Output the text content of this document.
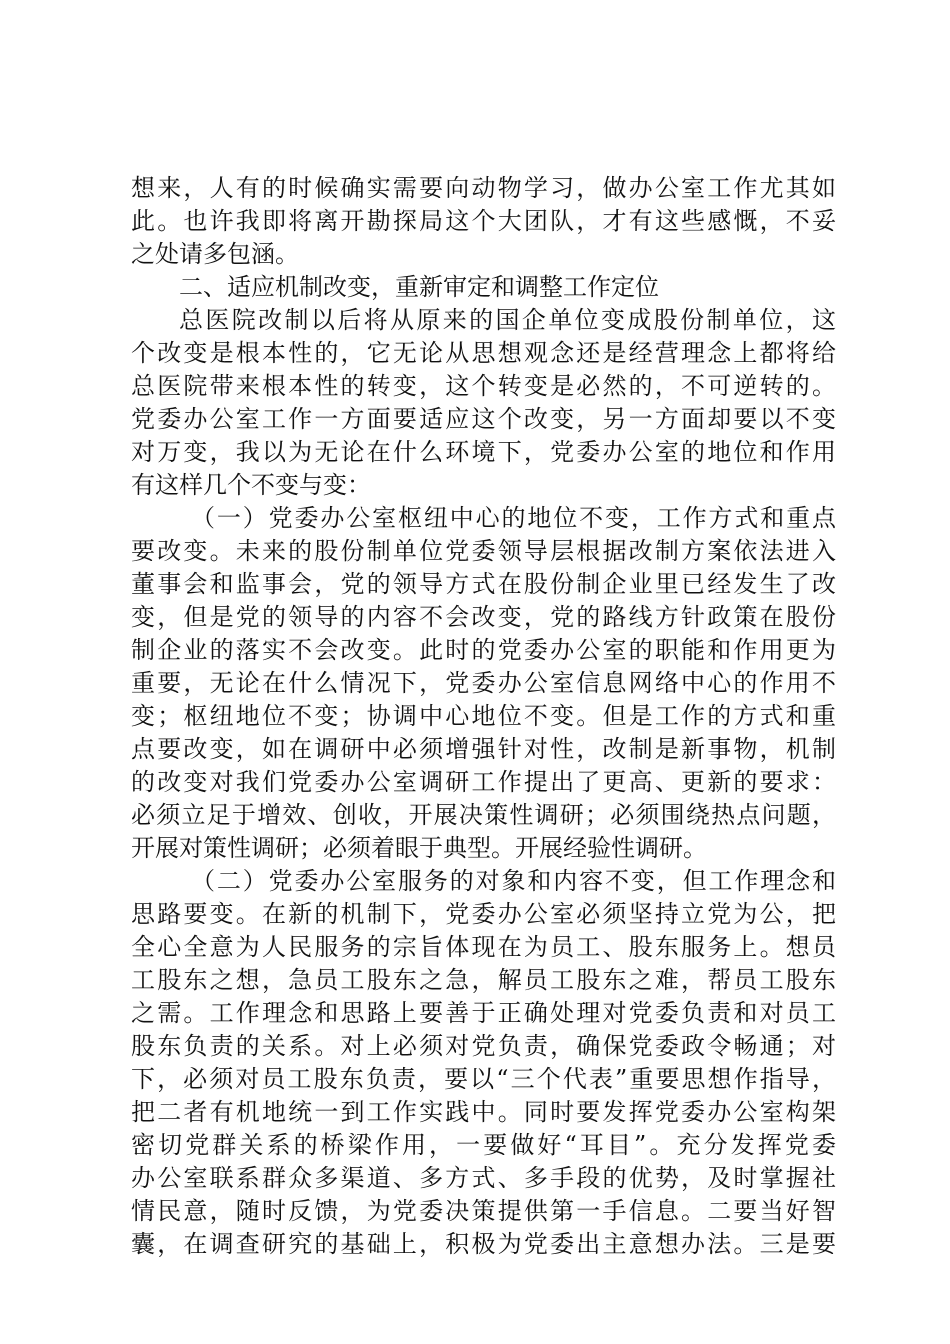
想来，人有的时候确实需要向动物学习，做办公室工作尤其如
此。也许我即将离开勘探局这个大团队，才有这些感慨，不妥
之处请多包涵。
二、适应机制改变，重新审定和调整工作定位
总医院改制以后将从原来的国企单位变成股份制单位，这
个改变是根本性的，它无论从思想观念还是经营理念上都将给
总医院带来根本性的转变，这个转变是必然的，不可逆转的。
党委办公室工作一方面要适应这个改变，另一方面却要以不变
对万变，我以为无论在什么环境下，党委办公室的地位和作用
有这样几个不变与变：
（一）党委办公室枢纽中心的地位不变，工作方式和重点
要改变。未来的股份制单位党委领导层根据改制方案依法进入
董事会和监事会，党的领导方式在股份制企业里已经发生了改
变，但是党的领导的内容不会改变，党的路线方针政策在股份
制企业的落实不会改变。此时的党委办公室的职能和作用更为
重要，无论在什么情况下，党委办公室信息网络中心的作用不
变；枢纽地位不变；协调中心地位不变。但是工作的方式和重
点要改变，如在调研中必须增强针对性，改制是新事物，机制
的改变对我们党委办公室调研工作提出了更高、更新的要求：
必须立足于增效、创收，开展决策性调研；必须围绕热点问题，
开展对策性调研；必须着眼于典型。开展经验性调研。
（二）党委办公室服务的对象和内容不变，但工作理念和
思路要变。在新的机制下，党委办公室必须坚持立党为公，把
全心全意为人民服务的宗旨体现在为员工、股东服务上。想员
工股东之想，急员工股东之急，解员工股东之难，帮员工股东
之需。工作理念和思路上要善于正确处理对党委负责和对员工
股东负责的关系。对上必须对党负责，确保党委政令畅通；对
下，必须对员工股东负责，要以“三个代表”重要思想作指导，
把二者有机地统一到工作实践中。同时要发挥党委办公室构架
密切党群关系的桥梁作用，一要做好“耳目”。充分发挥党委
办公室联系群众多渠道、多方式、多手段的优势，及时掌握社
情民意，随时反馈，为党委决策提供第一手信息。二要当好智
囊，在调查研究的基础上，积极为党委出主意想办法。三是要
